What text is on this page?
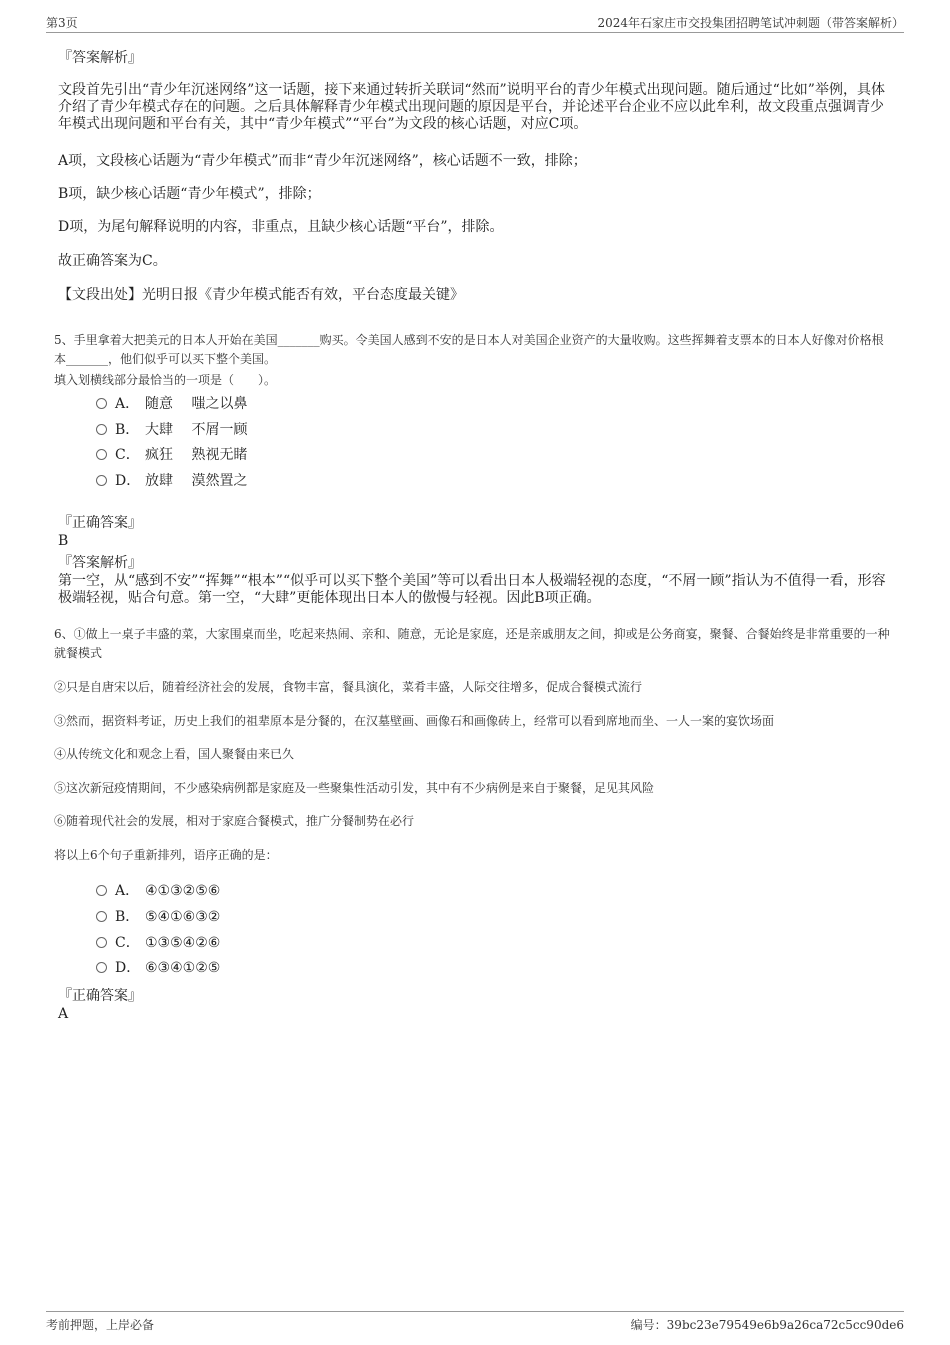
第3页	2024年石家庄市交投集团招聘笔试冲刺题（带答案解析）
『答案解析』
文段首先引出“青少年沉迷网络”这一话题，接下来通过转折关联词“然而”说明平台的青少年模式出现问题。随后通过“比如”举例，具体介绍了青少年模式存在的问题。之后具体解释青少年模式出现问题的原因是平台，并论述平台企业不应以此牟利，故文段重点强调青少年模式出现问题和平台有关，其中“青少年模式”“平台”为文段的核心话题，对应C项。
A项，文段核心话题为“青少年模式”而非“青少年沉迷网络”，核心话题不一致，排除；
B项，缺少核心话题“青少年模式”，排除；
D项，为尾句解释说明的内容，非重点，且缺少核心话题“平台”，排除。
故正确答案为C。
【文段出处】光明日报《青少年模式能否有效，平台态度最关键》
5、手里拿着大把美元的日本人开始在美国_______购买。令美国人感到不安的是日本人对美国企业资产的大量收购。这些挥舞着支票本的日本人好像对价格根本_______，他们似乎可以买下整个美国。
填入划横线部分最恰当的一项是（　　）。
A． 随意　 嗤之以鼻
B． 大肆　 不屑一顾
C． 疯狂　 熟视无睹
D． 放肆　 漠然置之
『正确答案』
B
『答案解析』
第一空，从“感到不安”“挥舞”“根本”“似乎可以买下整个美国”等可以看出日本人极端轻视的态度，“不屑一顾”指认为不值得一看，形容极端轻视，贴合句意。第一空，“大肆”更能体现出日本人的傲慢与轻视。因此B项正确。
6、①做上一桌子丰盛的菜，大家围桌而坐，吃起来热闹、亲和、随意，无论是家庭，还是亲戚朋友之间，抑或是公务商宴，聚餐、合餐始终是非常重要的一种就餐模式
②只是自唐宋以后，随着经济社会的发展，食物丰富，餐具演化，菜肴丰盛，人际交往增多，促成合餐模式流行
③然而，据资料考证，历史上我们的祖辈原本是分餐的，在汉墓壁画、画像石和画像砖上，经常可以看到席地而坐、一人一案的宴饮场面
④从传统文化和观念上看，国人聚餐由来已久
⑤这次新冠疫情期间，不少感染病例都是家庭及一些聚集性活动引发，其中有不少病例是来自于聚餐，足见其风险
⑥随着现代社会的发展，相对于家庭合餐模式，推广分餐制势在必行
将以上6个句子重新排列，语序正确的是：
A． ④①③②⑤⑥
B． ⑤④①⑥③②
C． ①③⑤④②⑥
D． ⑥③④①②⑤
『正确答案』
A
考前押题，上岸必备	编号：39bc23e79549e6b9a26ca72c5cc90de6
